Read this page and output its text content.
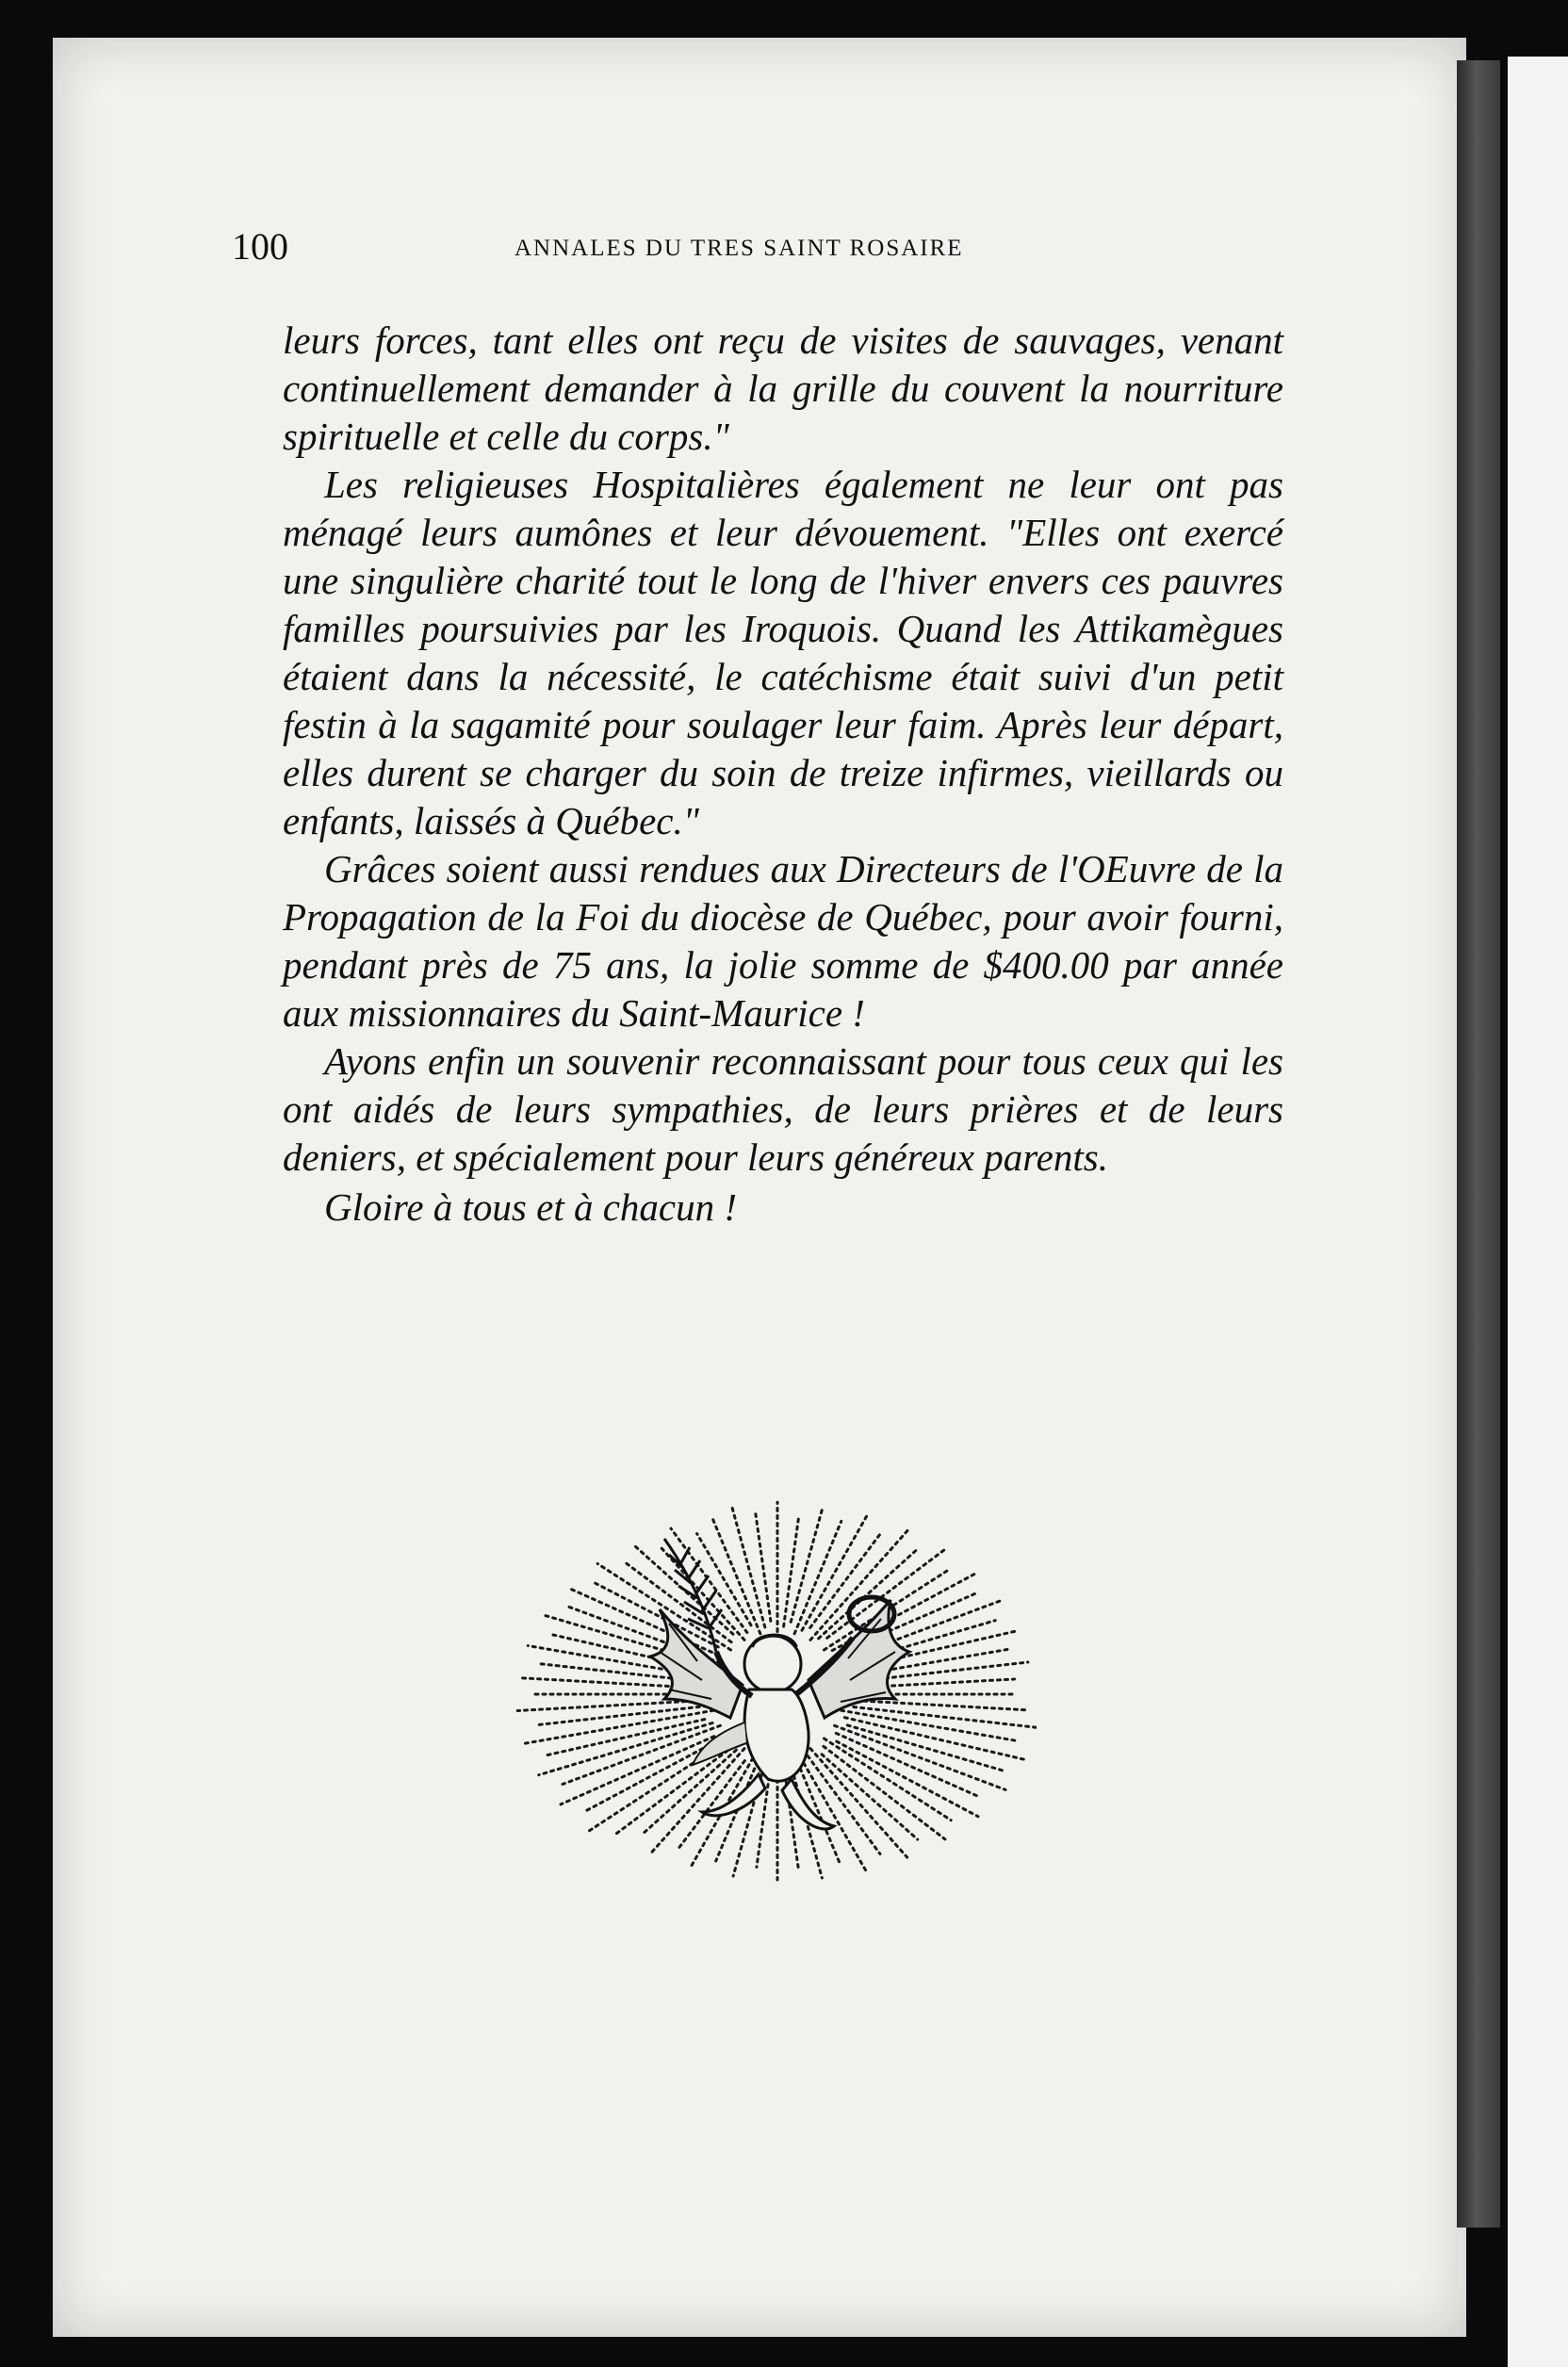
100	ANNALES DU TRES SAINT ROSAIRE

leurs forces, tant elles ont reçu de visites de sauvages, venant continuellement demander à la grille du couvent la nourriture spirituelle et celle du corps."

Les religieuses Hospitalières également ne leur ont pas ménagé leurs aumônes et leur dévouement. "Elles ont exercé une singulière charité tout le long de l'hiver envers ces pauvres familles poursuivies par les Iroquois. Quand les Attikamègues étaient dans la nécessité, le catéchisme était suivi d'un petit festin à la sagamité pour soulager leur faim. Après leur départ, elles durent se charger du soin de treize infirmes, vieillards ou enfants, laissés à Québec."

Grâces soient aussi rendues aux Directeurs de l'OEuvre de la Propagation de la Foi du diocèse de Québec, pour avoir fourni, pendant près de 75 ans, la jolie somme de $400.00 par année aux missionnaires du Saint-Maurice !

Ayons enfin un souvenir reconnaissant pour tous ceux qui les ont aidés de leurs sympathies, de leurs prières et de leurs deniers, et spécialement pour leurs généreux parents.

Gloire à tous et à chacun !
